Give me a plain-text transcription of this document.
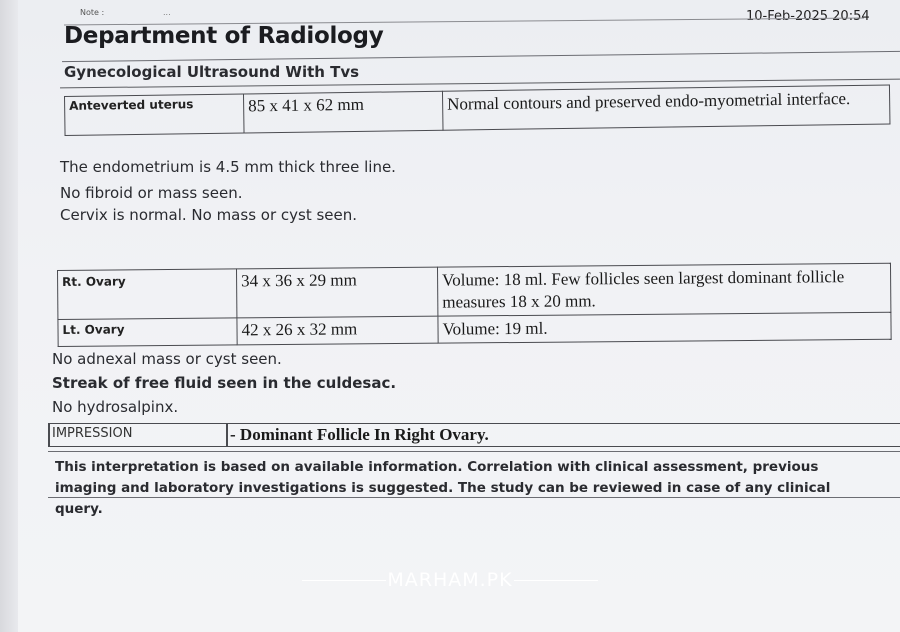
Note :	...	10-Feb-2025 20:54
Department of Radiology
Gynecological Ultrasound With Tvs
Anteverted uterus	85 x 41 x 62 mm	Normal contours and preserved endo-myometrial interface.
The endometrium is 4.5 mm thick three line.
No fibroid or mass seen.
Cervix is normal. No mass or cyst seen.
Rt. Ovary	34 x 36 x 29 mm	Volume: 18 ml. Few follicles seen largest dominant follicle measures 18 x 20 mm.
Lt. Ovary	42 x 26 x 32 mm	Volume: 19 ml.
No adnexal mass or cyst seen.
Streak of free fluid seen in the culdesac.
No hydrosalpinx.
IMPRESSION	- Dominant Follicle In Right Ovary.
This interpretation is based on available information. Correlation with clinical assessment, previous imaging and laboratory investigations is suggested. The study can be reviewed in case of any clinical query.
MARHAM.PK
